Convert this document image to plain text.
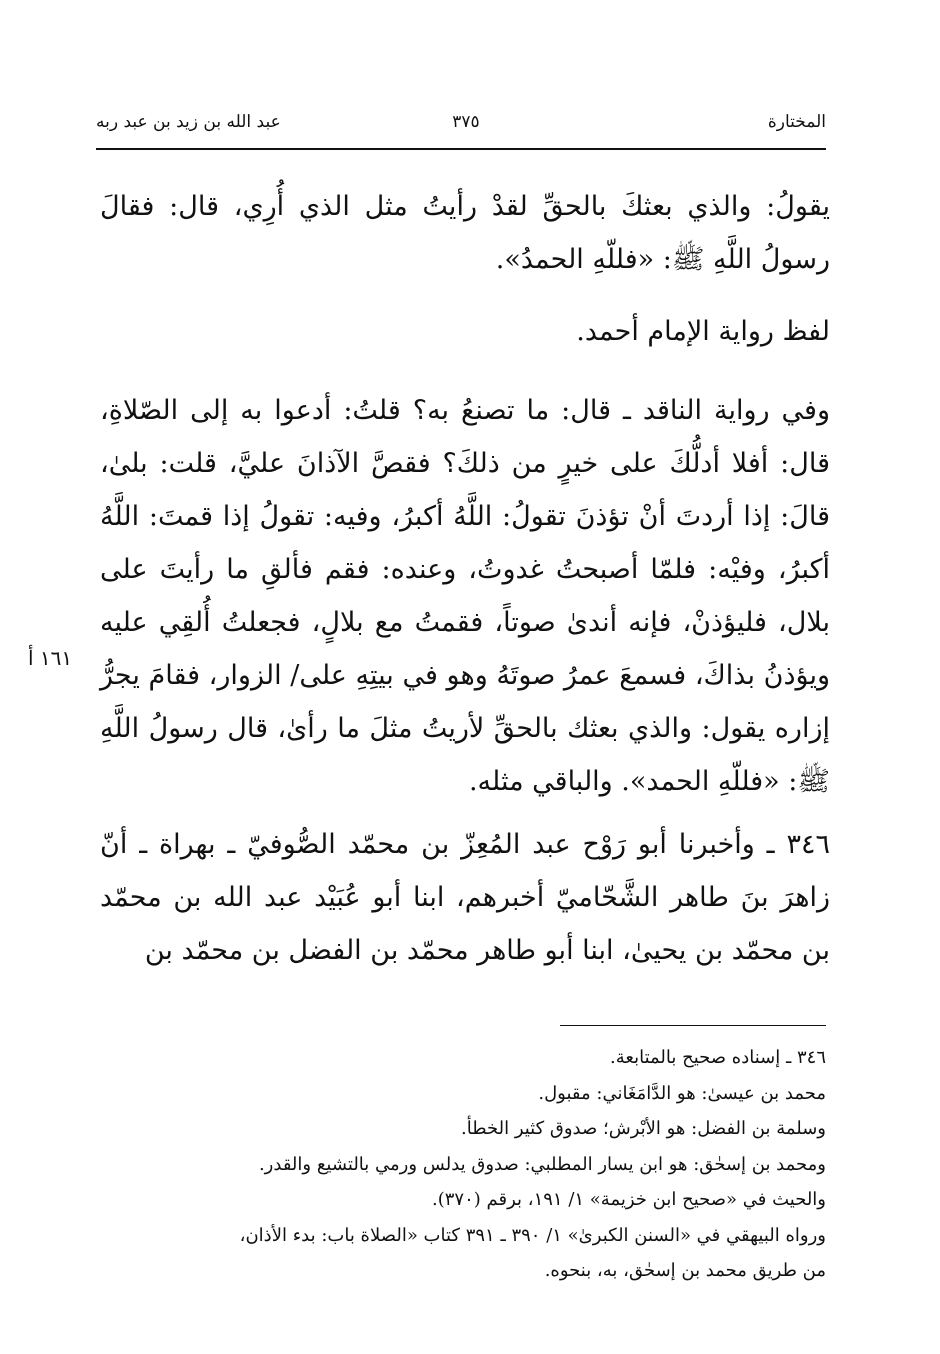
المختارة
٣٧٥
عبد الله بن زيد بن عبد ربه
يقولُ: والذي بعثكَ بالحقِّ لقدْ رأيتُ مثل الذي أُرِي، قال: فقالَ رسولُ اللَّهِ ﷺ: «فللّهِ الحمدُ».
لفظ رواية الإمام أحمد.
وفي رواية الناقد ـ قال: ما تصنعُ به؟ قلتُ: أدعوا به إلى الصّلاةِ، قال: أفلا أدلُّكَ على خيرٍ من ذلكَ؟ فقصَّ الآذانَ عليَّ، قلت: بلىٰ، قالَ: إذا أردتَ أنْ تؤذنَ تقولُ: اللَّهُ أكبرُ، وفيه: تقولُ إذا قمتَ: اللَّهُ أكبرُ، وفيْه: فلمّا أصبحتُ غدوتُ، وعنده: فقم فألقِ ما رأيتَ على بلال، فليؤذنْ، فإنه أندىٰ صوتاً، فقمتُ مع بلالٍ، فجعلتُ أُلقِي عليه ويؤذنُ بذاكَ، فسمعَ عمرُ صوتَهُ وهو في بيتِهِ على/ الزوار، فقامَ يجرُّ إزاره يقول: والذي بعثك بالحقِّ لأريتُ مثلَ ما رأىٰ، قال رسولُ اللَّهِ ﷺ: «فللّهِ الحمد». والباقي مثله.
٣٤٦ ـ وأخبرنا أبو رَوْح عبد المُعِزّ بن محمّد الصُّوفيّ ـ بهراة ـ أنّ زاهرَ بنَ طاهر الشَّحّاميّ أخبرهم، ابنا أبو عُبَيْد عبد الله بن محمّد بن محمّد بن يحيىٰ، ابنا أبو طاهر محمّد بن الفضل بن محمّد بن
١٦١ أ
٣٤٦ ـ إسناده صحيح بالمتابعة.
محمد بن عيسىٰ: هو الدَّامَغَاني: مقبول.
وسلمة بن الفضل: هو الأبْرش؛ صدوق كثير الخطأ.
ومحمد بن إسحٰق: هو ابن يسار المطلبي: صدوق يدلس ورمي بالتشيع والقدر.
والحيث في «صحيح ابن خزيمة» ١/ ١٩١، برقم (٣٧٠).
ورواه البيهقي في «السنن الكبرىٰ» ١/ ٣٩٠ ـ ٣٩١ كتاب «الصلاة باب: بدء الأذان،
من طريق محمد بن إسحٰق، به، بنحوه.
